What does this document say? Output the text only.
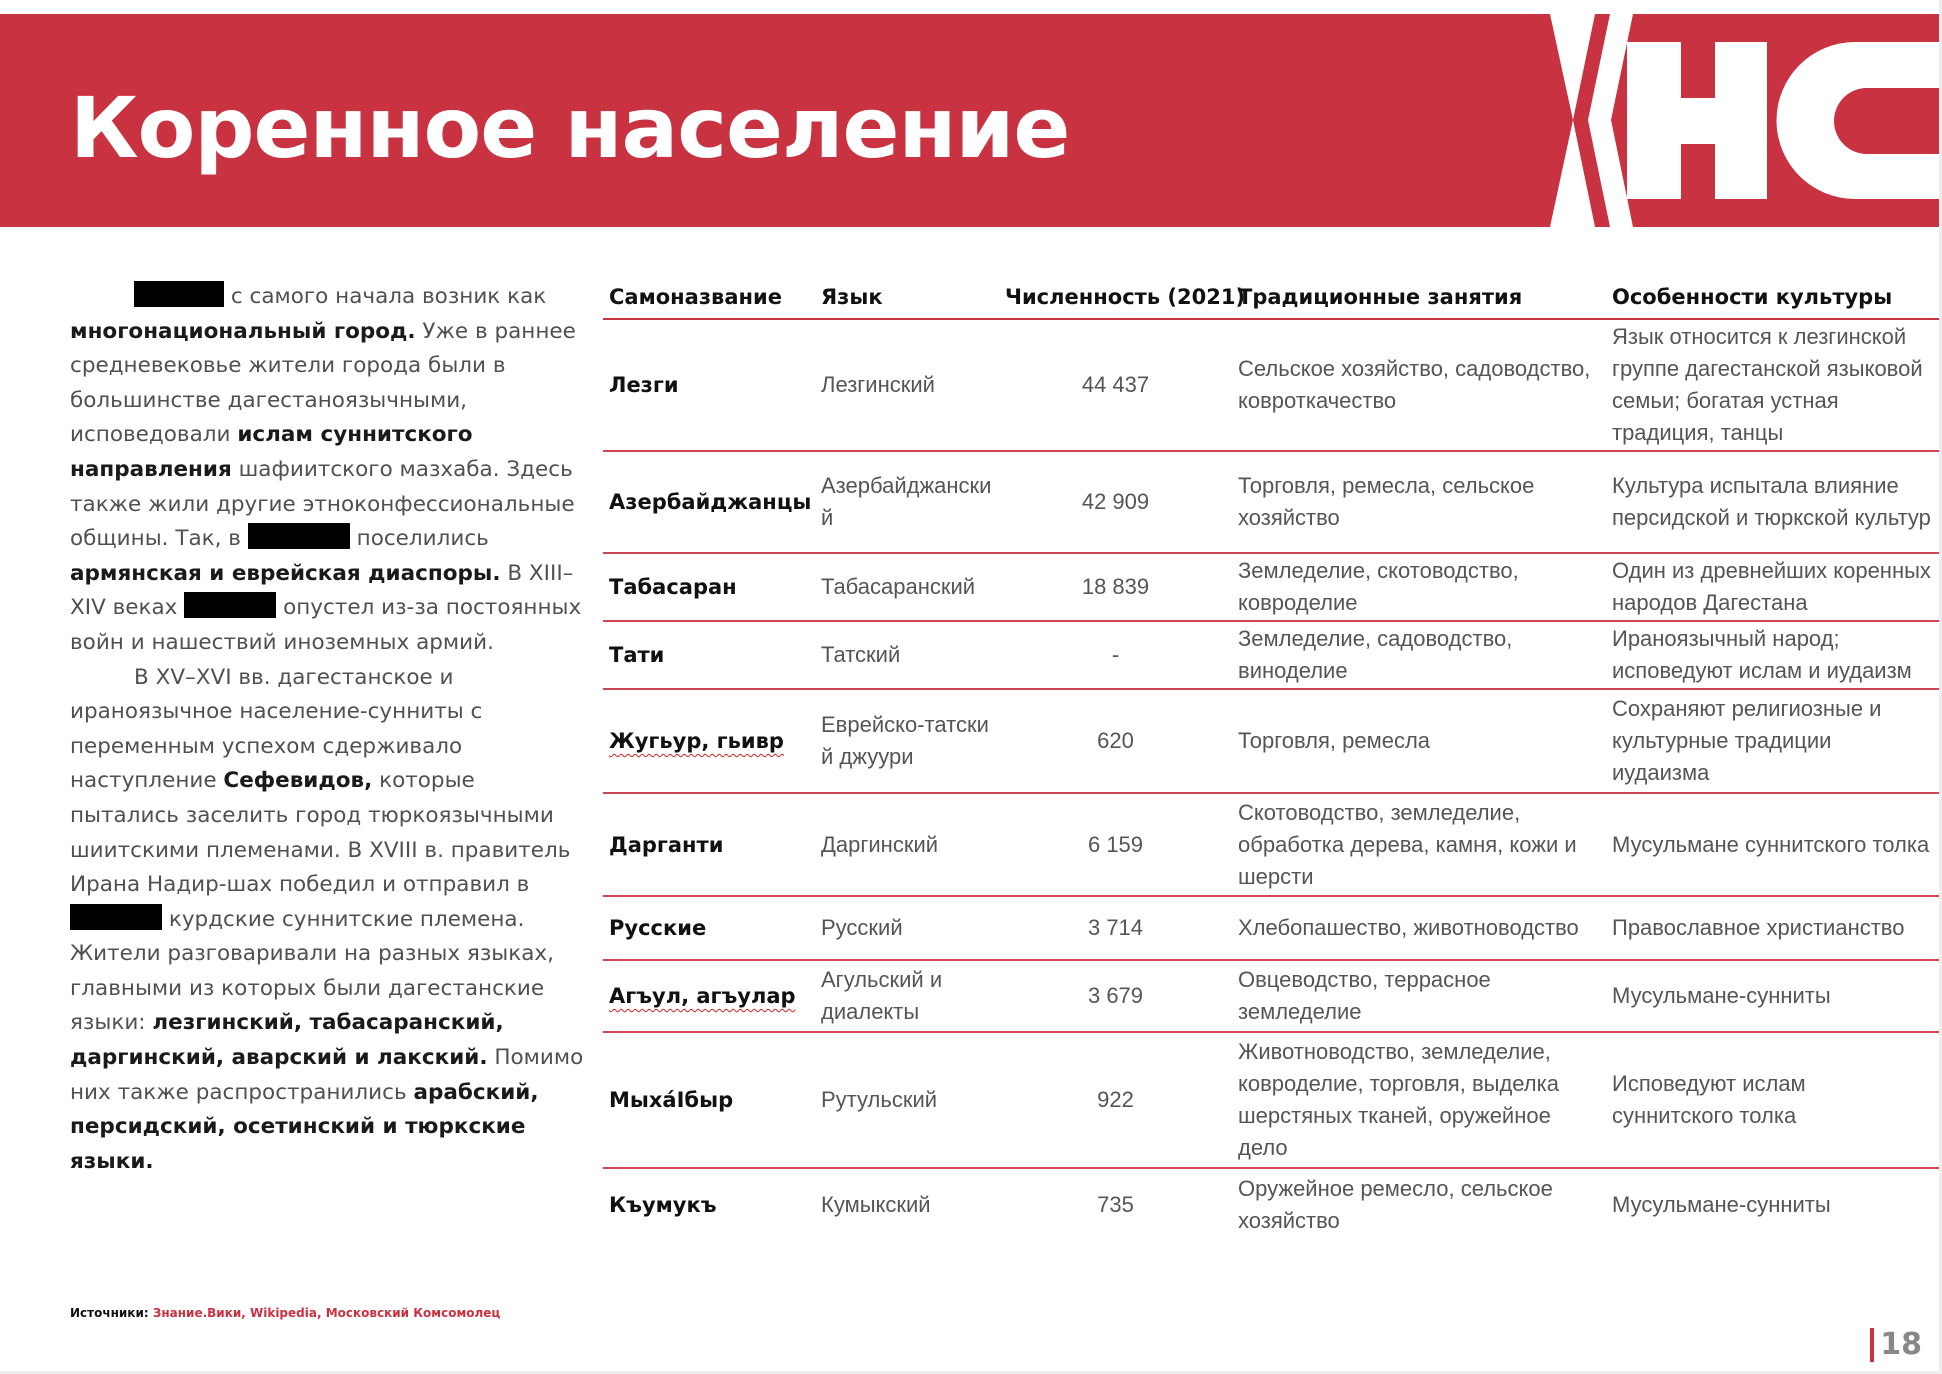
Коренное население

с самого начала возник как многонациональный город. Уже в раннее средневековье жители города были в большинстве дагестаноязычными, исповедовали ислам суннитского направления шафиитского мазхаба. Здесь также жили другие этноконфессиональные общины. Так, в	поселились армянская и еврейская диаспоры. В XIII–XIV веках	опустел из-за постоянных войн и нашествий иноземных армий.

В XV–XVI вв. дагестанское и ираноязычное население-сунниты с переменным успехом сдерживало наступление Сефевидов, которые пытались заселить город тюркоязычными шиитскими племенами. В XVIII в. правитель Ирана Надир-шах победил и отправил в  курдские суннитские племена. Жители разговаривали на разных языках, главными из которых были дагестанские языки: лезгинский, табасаранский, даргинский, аварский и лакский. Помимо них также распространились арабский, персидский, осетинский и тюркские языки.

Самоназвание	Язык	Численность (2021)	Традиционные занятия	Особенности культуры
Лезги	Лезгинский	44 437	Сельское хозяйство, садоводство, ковроткачество	Язык относится к лезгинской группе дагестанской языковой семьи; богатая устная традиция, танцы
Азербайджанцы	Азербайджанский	42 909	Торговля, ремесла, сельское хозяйство	Культура испытала влияние персидской и тюркской культур
Табасаран	Табасаранский	18 839	Земледелие, скотоводство, ковроделие	Один из древнейших коренных народов Дагестана
Тати	Татский	-	Земледелие, садоводство, виноделие	Ираноязычный народ; исповедуют ислам и иудаизм
Жугьур, гьивр	Еврейско-татский джуури	620	Торговля, ремесла	Сохраняют религиозные и культурные традиции иудаизма
Дарганти	Даргинский	6 159	Скотоводство, земледелие, обработка дерева, камня, кожи и шерсти	Мусульмане суннитского толка
Русские	Русский	3 714	Хлебопашество, животноводство	Православное христианство
Агъул, агъулар	Агульский и диалекты	3 679	Овцеводство, террасное земледелие	Мусульмане-сунниты
Мыха́Iбыр	Рутульский	922	Животноводство, земледелие, ковроделие, торговля, выделка шерстяных тканей, оружейное дело	Исповедуют ислам суннитского толка
Къумукъ	Кумыкский	735	Оружейное ремесло, сельское хозяйство	Мусульмане-сунниты
Источники: Знание.Вики, Wikipedia, Московский Комсомолец
18
